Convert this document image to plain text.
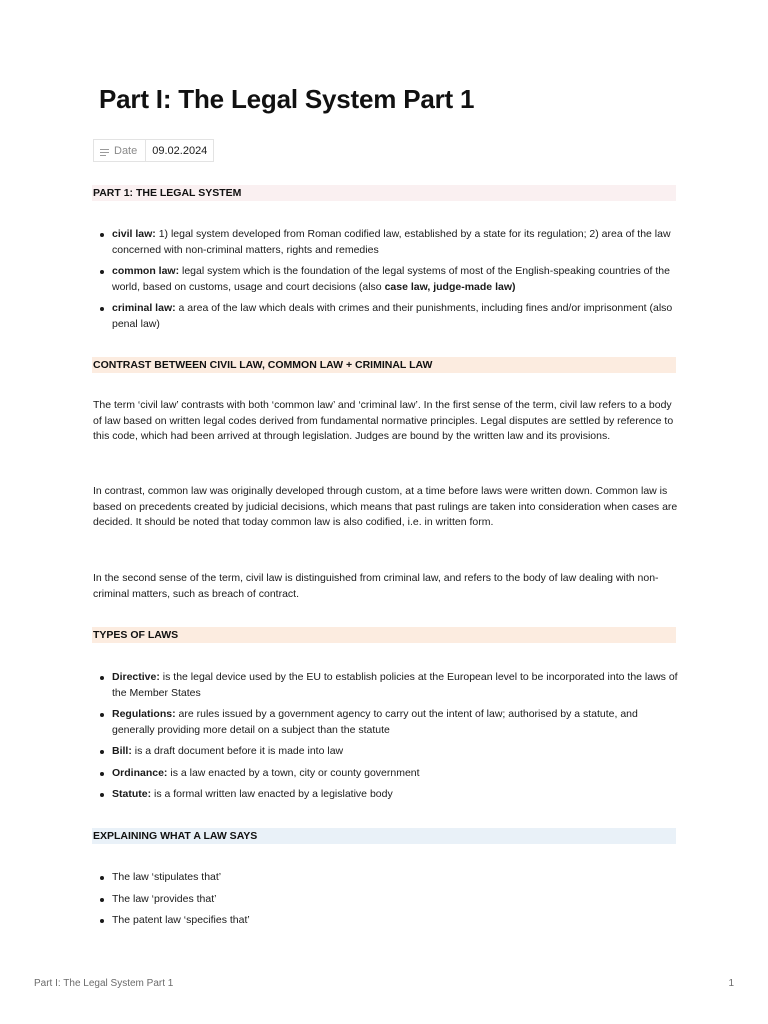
Part I: The Legal System Part 1
Date	09.02.2024
PART 1: THE LEGAL SYSTEM
civil law: 1) legal system developed from Roman codified law, established by a state for its regulation; 2) area of the law concerned with non-criminal matters, rights and remedies
common law: legal system which is the foundation of the legal systems of most of the English-speaking countries of the world, based on customs, usage and court decisions (also case law, judge-made law)
criminal law: a area of the law which deals with crimes and their punishments, including fines and/or imprisonment (also penal law)
CONTRAST BETWEEN CIVIL LAW, COMMON LAW + CRIMINAL LAW

The term ‘civil law’ contrasts with both ‘common law’ and ‘criminal law’. In the first sense of the term, civil law refers to a body of law based on written legal codes derived from fundamental normative principles. Legal disputes are settled by reference to this code, which had been arrived at through legislation. Judges are bound by the written law and its provisions.

In contrast, common law was originally developed through custom, at a time before laws were written down. Common law is based on precedents created by judicial decisions, which means that past rulings are taken into consideration when cases are decided. It should be noted that today common law is also codified, i.e. in written form.

In the second sense of the term, civil law is distinguished from criminal law, and refers to the body of law dealing with non-criminal matters, such as breach of contract.

TYPES OF LAWS
Directive: is the legal device used by the EU to establish policies at the European level to be incorporated into the laws of the Member States
Regulations: are rules issued by a government agency to carry out the intent of law; authorised by a statute, and generally providing more detail on a subject than the statute
Bill: is a draft document before it is made into law
Ordinance: is a law enacted by a town, city or county government
Statute: is a formal written law enacted by a legislative body
EXPLAINING WHAT A LAW SAYS
The law ‘stipulates that’
The law ‘provides that’
The patent law ‘specifies that’
Part I: The Legal System Part 1	1
